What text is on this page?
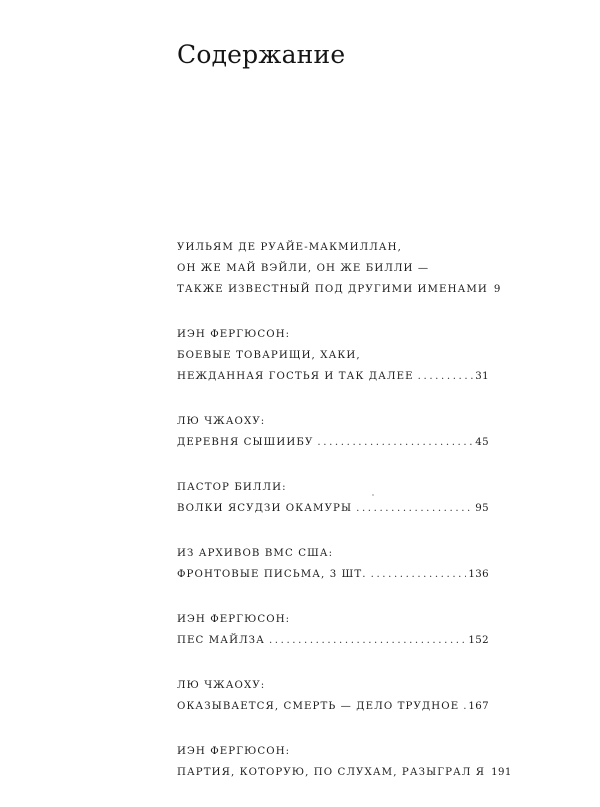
Содержание
УИЛЬЯМ ДЕ РУАЙЕ-МАКМИЛЛАН,
ОН ЖЕ МАЙ ВЭЙЛИ, ОН ЖЕ БИЛЛИ —
ТАКЖЕ ИЗВЕСТНЫЙ ПОД ДРУГИМИ ИМЕНАМИ 9
ИЭН ФЕРГЮСОН:
БОЕВЫЕ ТОВАРИЩИ, ХАКИ,
НЕЖДАННАЯ ГОСТЬЯ И ТАК ДАЛЕЕ .....	31
ЛЮ ЧЖАОХУ:
ДЕРЕВНЯ СЫШИИБУ .....	45
ПАСТОР БИЛЛИ:
ВОЛКИ ЯСУДЗИ ОКАМУРЫ .....	95
ИЗ АРХИВОВ ВМС США:
ФРОНТОВЫЕ ПИСЬМА, 3 ШТ. .....	136
ИЭН ФЕРГЮСОН:
ПЕС МАЙЛЗА .....	152
ЛЮ ЧЖАОХУ:
ОКАЗЫВАЕТСЯ, СМЕРТЬ — ДЕЛО ТРУДНОЕ ..... 167
ИЭН ФЕРГЮСОН:
ПАРТИЯ, КОТОРУЮ, ПО СЛУХАМ, РАЗЫГРАЛ Я 191
